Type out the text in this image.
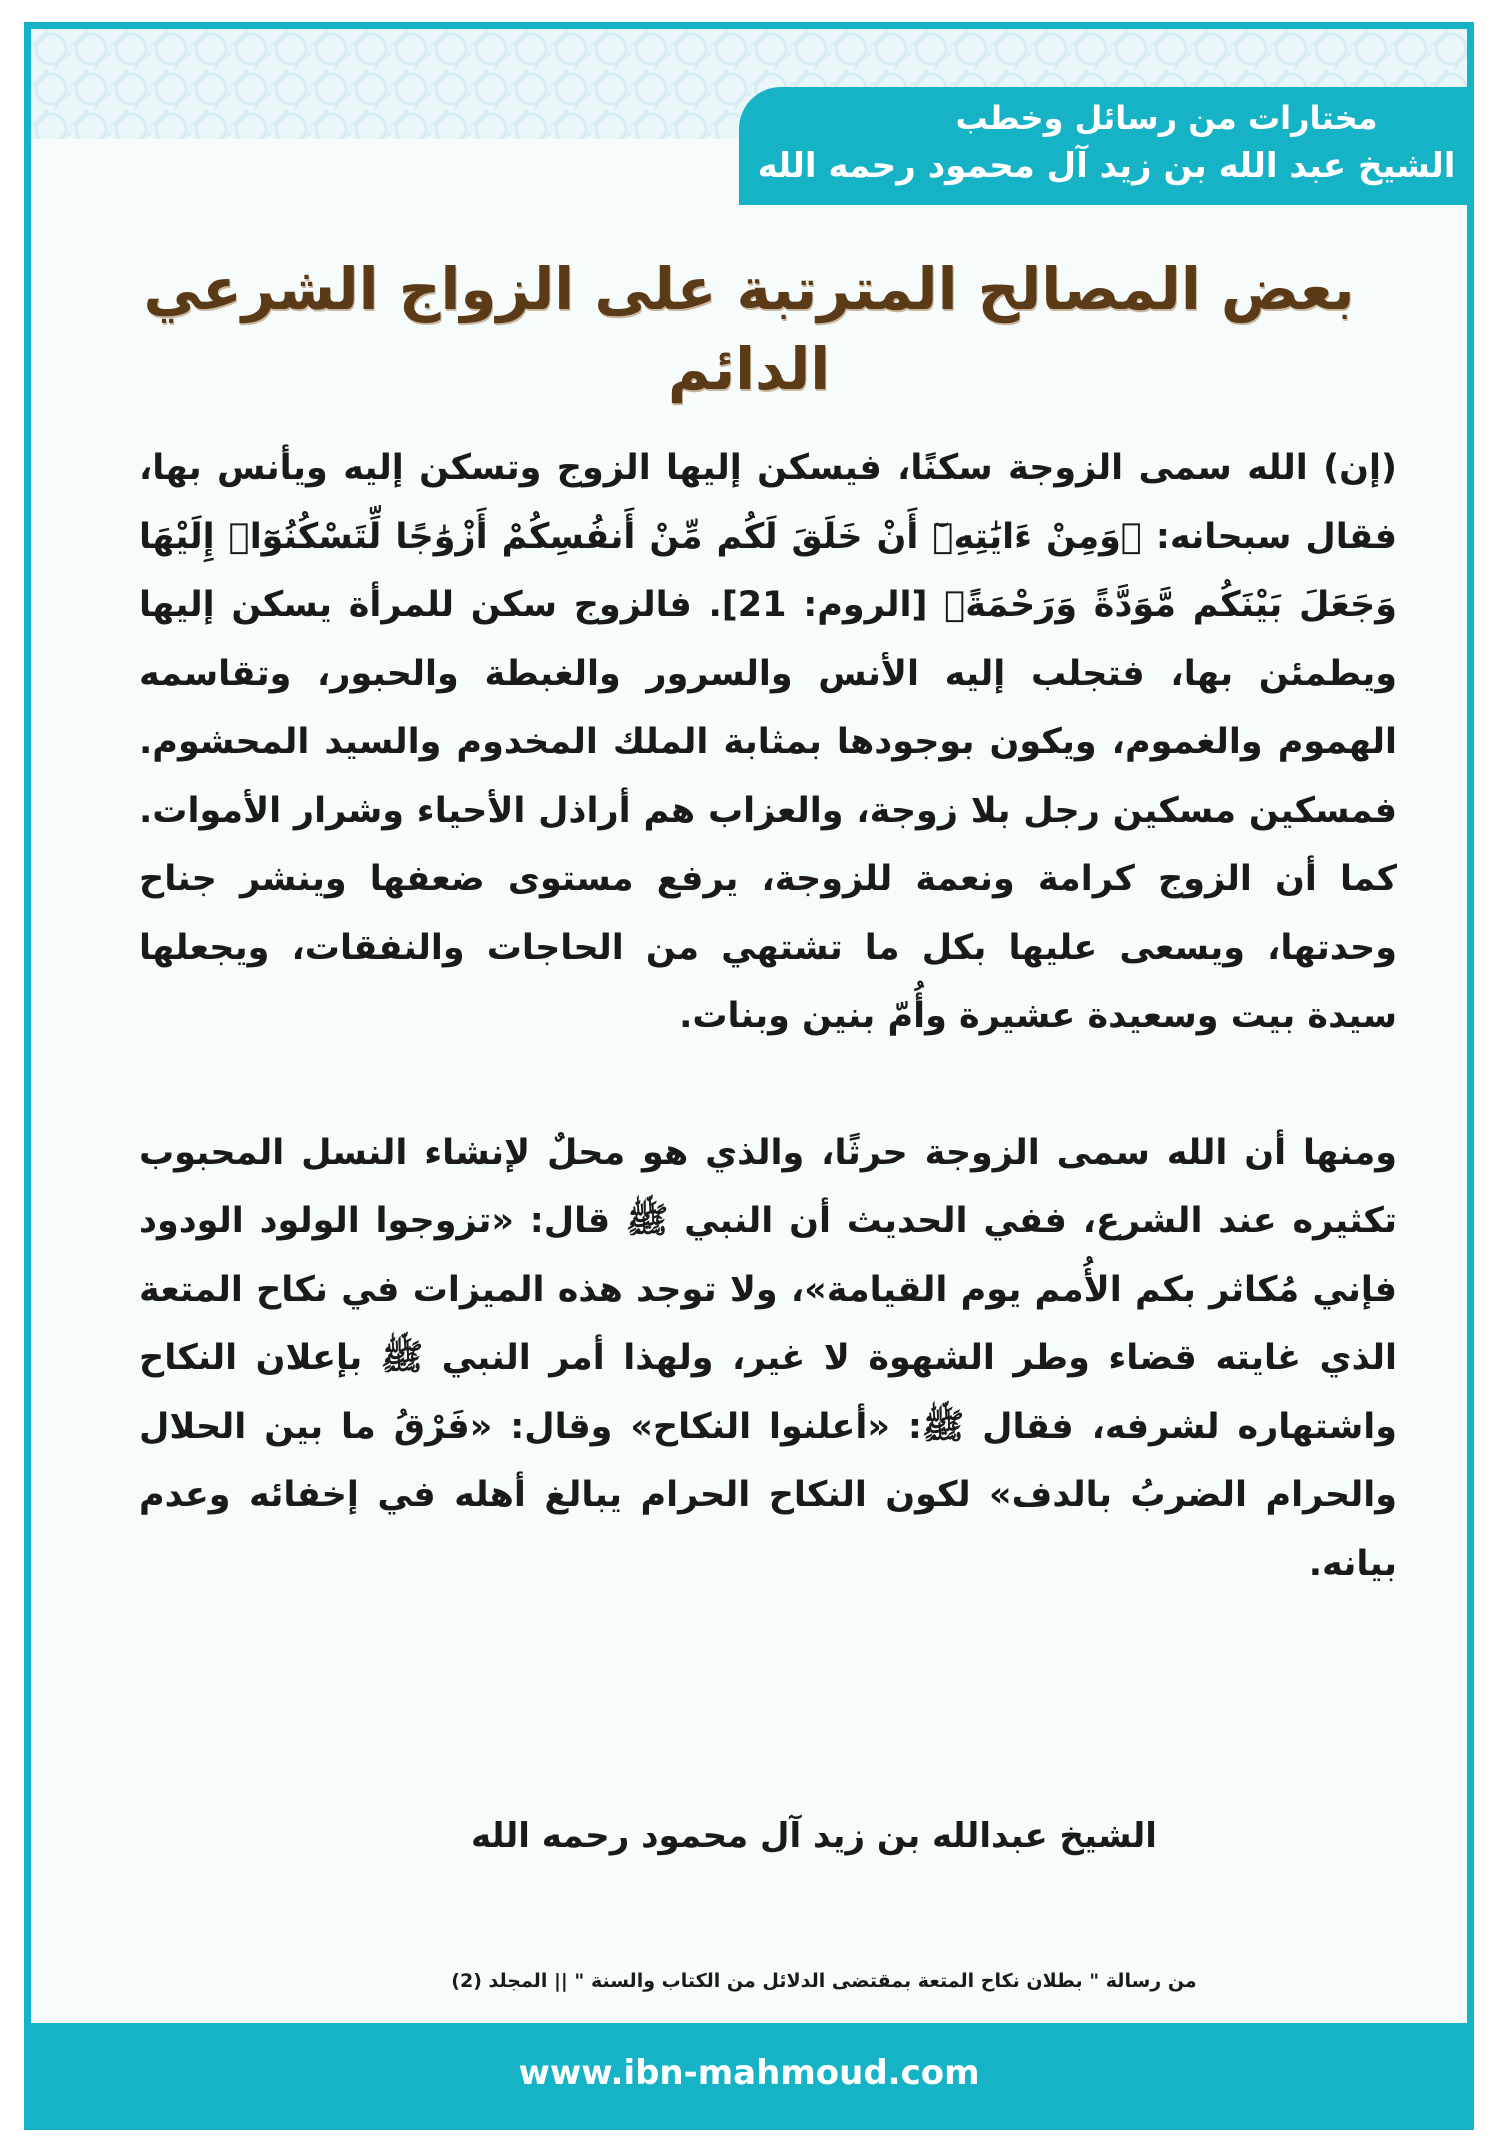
مختارات من رسائل وخطب
الشيخ عبد الله بن زيد آل محمود رحمه الله
بعض المصالح المترتبة على الزواج الشرعي الدائم

(إن) الله سمى الزوجة سكنًا، فيسكن إليها الزوج وتسكن إليه ويأنس بها، فقال سبحانه: ﴿وَمِنْ ءَايَٰتِهِۦٓ أَنْ خَلَقَ لَكُم مِّنْ أَنفُسِكُمْ أَزْوَٰجًا لِّتَسْكُنُوٓا۟ إِلَيْهَا وَجَعَلَ بَيْنَكُم مَّوَدَّةً وَرَحْمَةً﴾ [الروم: 21]. فالزوج سكن للمرأة يسكن إليها ويطمئن بها، فتجلب إليه الأنس والسرور والغبطة والحبور، وتقاسمه الهموم والغموم، ويكون بوجودها بمثابة الملك المخدوم والسيد المحشوم. فمسكين مسكين رجل بلا زوجة، والعزاب هم أراذل الأحياء وشرار الأموات. كما أن الزوج كرامة ونعمة للزوجة، يرفع مستوى ضعفها وينشر جناح وحدتها، ويسعى عليها بكل ما تشتهي من الحاجات والنفقات، ويجعلها سيدة بيت وسعيدة عشيرة وأُمّ بنين وبنات.

ومنها أن الله سمى الزوجة حرثًا، والذي هو محلٌ لإنشاء النسل المحبوب تكثيره عند الشرع، ففي الحديث أن النبي ﷺ قال: «تزوجوا الولود الودود فإني مُكاثر بكم الأُمم يوم القيامة»، ولا توجد هذه الميزات في نكاح المتعة الذي غايته قضاء وطر الشهوة لا غير، ولهذا أمر النبي ﷺ بإعلان النكاح واشتهاره لشرفه، فقال ﷺ: «أعلنوا النكاح» وقال: «فَرْقُ ما بين الحلال والحرام الضربُ بالدف» لكون النكاح الحرام يبالغ أهله في إخفائه وعدم بيانه.

الشيخ عبدالله بن زيد آل محمود رحمه الله
من رسالة " بطلان نكاح المتعة بمقتضى الدلائل من الكتاب والسنة " || المجلد (2)
www.ibn-mahmoud.com
